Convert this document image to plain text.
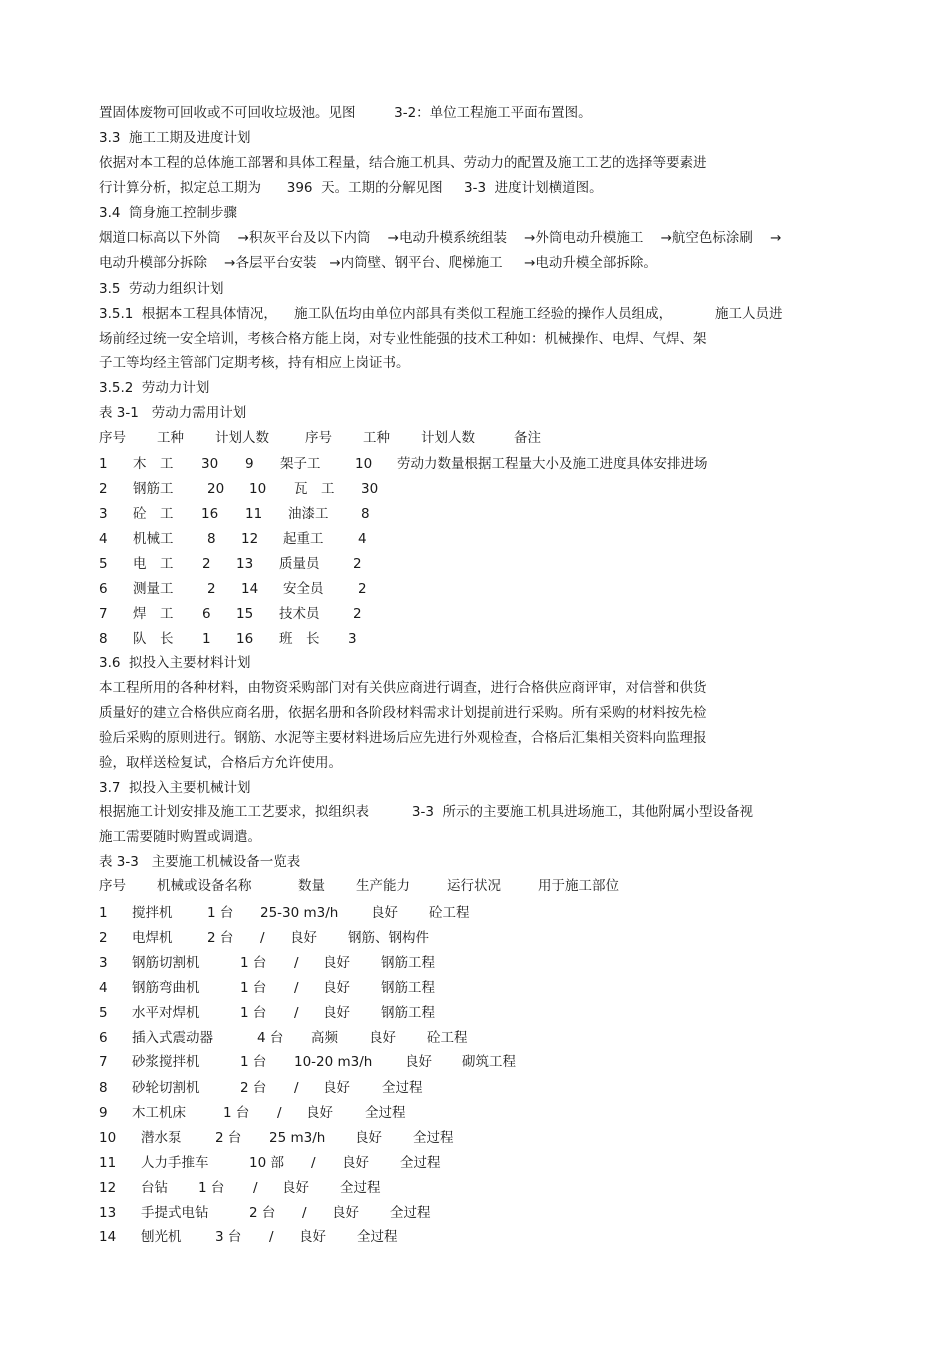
置固体废物可回收或不可回收垃圾池。见图         3-2：单位工程施工平面布置图。
3.3  施工工期及进度计划
依据对本工程的总体施工部署和具体工程量，结合施工机具、劳动力的配置及施工工艺的选择等要素进
行计算分析，拟定总工期为      396  天。工期的分解见图     3-3  进度计划横道图。
3.4  筒身施工控制步骤
烟道口标高以下外筒    →积灰平台及以下内筒    →电动升模系统组装    →外筒电动升模施工    →航空色标涂刷    →
电动升模部分拆除    →各层平台安装   →内筒壁、钢平台、爬梯施工     →电动升模全部拆除。
3.5  劳动力组织计划
3.5.1  根据本工程具体情况，    施工队伍均由单位内部具有类似工程施工经验的操作人员组成，          施工人员进
场前经过统一安全培训，考核合格方能上岗，对专业性能强的技术工种如：机械操作、电焊、气焊、架
子工等均经主管部门定期考核，持有相应上岗证书。
3.5.2  劳动力计划
表 3-1   劳动力需用计划
序号 工种 计划人数	序号 工种 计划人数	备注
1 木　工 30 9 架子工	10 劳动力数量根据工程量大小及施工进度具体安排进场
2 钢筋工 20 10 瓦　工 30
3 砼　工 16 11 油漆工 8
4 机械工 8 12 起重工	4
5 电　工 2 13 质量员 2
6 测量工 2 14 安全员	2
7 焊　工 6 15 技术员 2
8 队　长 1 16 班　长 3
3.6  拟投入主要材料计划
本工程所用的各种材料，由物资采购部门对有关供应商进行调查，进行合格供应商评审，对信誉和供货
质量好的建立合格供应商名册，依据名册和各阶段材料需求计划提前进行采购。所有采购的材料按先检
验后采购的原则进行。钢筋、水泥等主要材料进场后应先进行外观检查，合格后汇集相关资料向监理报
验，取样送检复试，合格后方允许使用。
3.7  拟投入主要机械计划
根据施工计划安排及施工工艺要求，拟组织表          3-3  所示的主要施工机具进场施工，其他附属小型设备视
施工需要随时购置或调遣。
表 3-3   主要施工机械设备一览表
序号 机械或设备名称	数量 生产能力	运行状况	用于施工部位
1 搅拌机	1 台 25-30 m3/h 良好 砼工程
2 电焊机	2 台 / 良好 钢筋、钢构件
3 钢筋切割机	1 台 / 良好 钢筋工程
4 钢筋弯曲机	1 台 / 良好 钢筋工程
5 水平对焊机	1 台 / 良好 钢筋工程
6 插入式震动器	4 台 高频 良好 砼工程
7 砂浆搅拌机	1 台 10-20 m3/h 良好 砌筑工程
8 砂轮切割机	2 台 / 良好 全过程
9 木工机床	1 台 / 良好 全过程
10 潜水泵 2 台 25 m3/h 良好 全过程
11 人力手推车	10 部 / 良好 全过程
12 台钻 1 台 / 良好 全过程
13 手提式电钻	2 台 / 良好 全过程
14 刨光机 3 台 / 良好 全过程
